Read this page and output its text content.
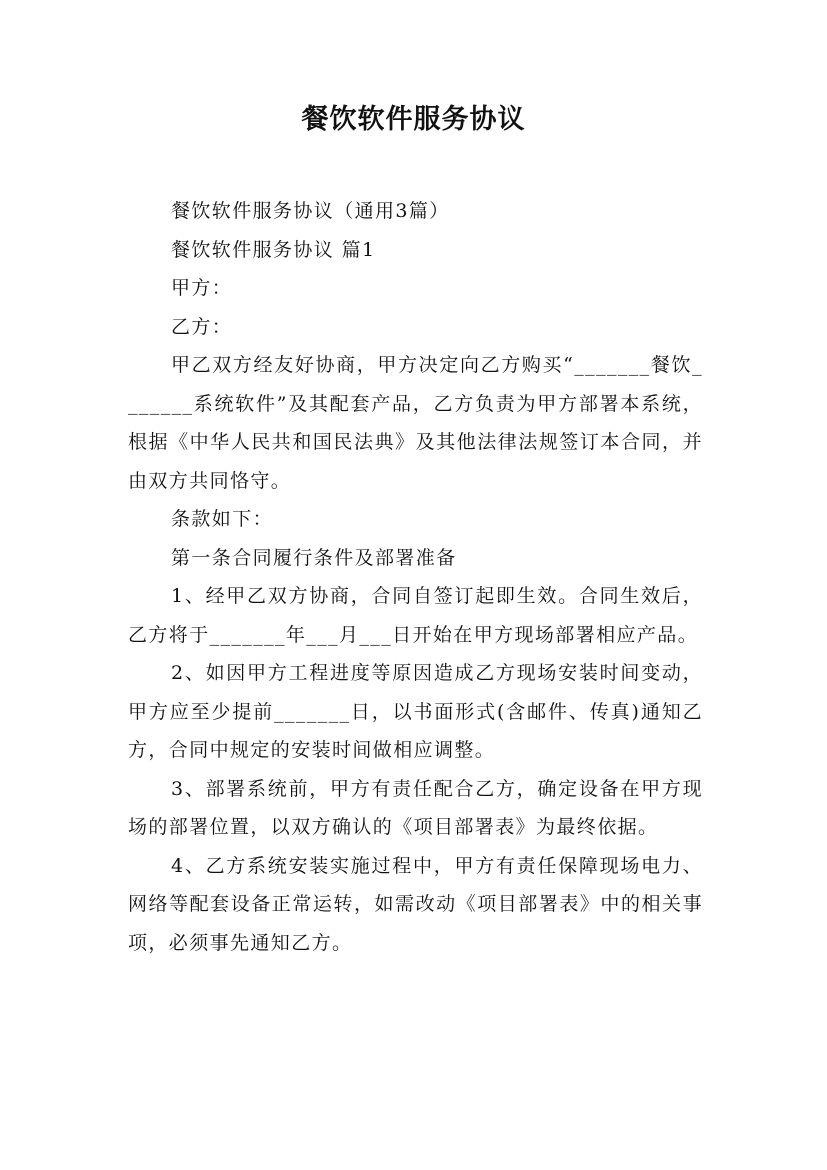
餐饮软件服务协议

餐饮软件服务协议（通用3篇）

餐饮软件服务协议 篇1

甲方：

乙方：

甲乙双方经友好协商，甲方决定向乙方购买“_______餐饮_______系统软件”及其配套产品，乙方负责为甲方部署本系统，根据《中华人民共和国民法典》及其他法律法规签订本合同，并由双方共同恪守。

条款如下：

第一条合同履行条件及部署准备

1、经甲乙双方协商，合同自签订起即生效。合同生效后，乙方将于_______年___月___日开始在甲方现场部署相应产品。

2、如因甲方工程进度等原因造成乙方现场安装时间变动，甲方应至少提前_______日，以书面形式(含邮件、传真)通知乙方，合同中规定的安装时间做相应调整。

3、部署系统前，甲方有责任配合乙方，确定设备在甲方现场的部署位置，以双方确认的《项目部署表》为最终依据。

4、乙方系统安装实施过程中，甲方有责任保障现场电力、网络等配套设备正常运转，如需改动《项目部署表》中的相关事项，必须事先通知乙方。
